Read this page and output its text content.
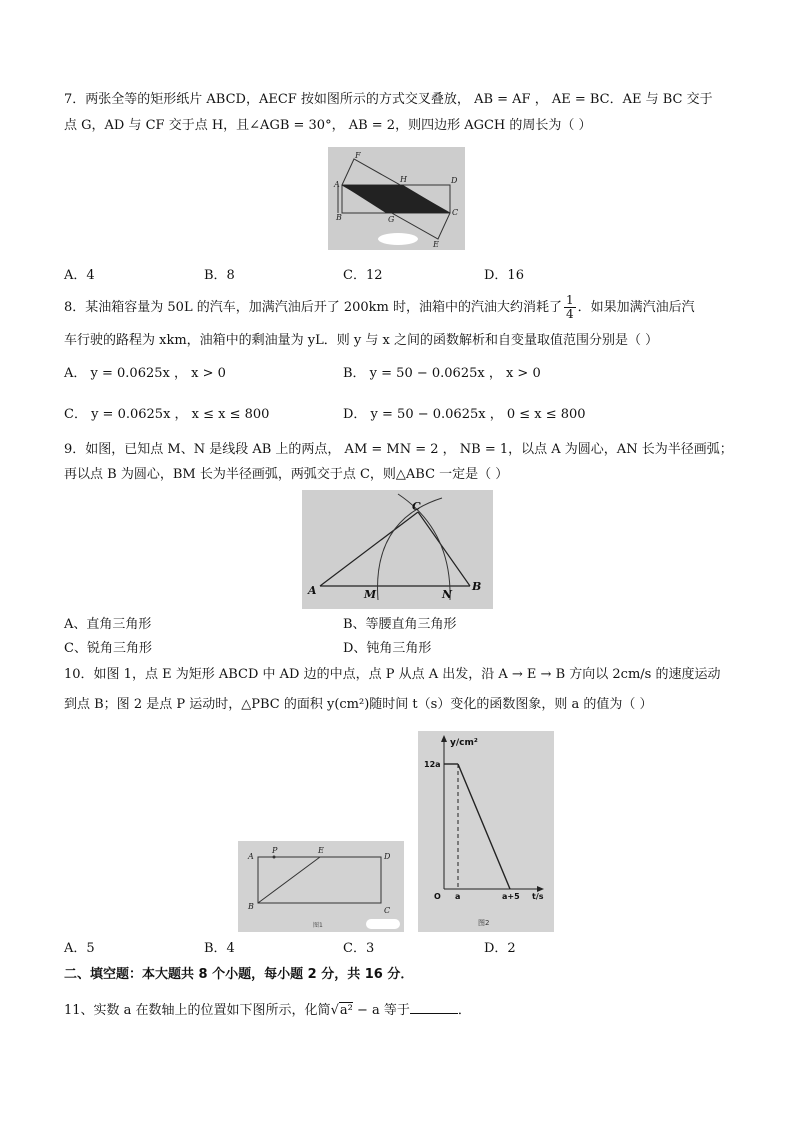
7．两张全等的矩形纸片 ABCD，AECF 按如图所示的方式交叉叠放， AB = AF ， AE = BC．AE 与 BC 交于
点 G，AD 与 CF 交于点 H，且∠AGB = 30°， AB = 2，则四边形 AGCH 的周长为（ ）
F
A
H	D
B	G
C
E
A．4	B．8	C．12	D．16
8．某油箱容量为 50L 的汽车，加满汽油后开了 200km 时，油箱中的汽油大约消耗了 $\frac{1}{4}$ ．如果加满汽油后汽
车行驶的路程为 xkm，油箱中的剩油量为 yL．则 y 与 x 之间的函数解析和自变量取值范围分别是（ ）
A． y = 0.0625x ， x > 0	B． y = 50 − 0.0625x ， x > 0
C． y = 0.0625x ， x ≤ x ≤ 800	D． y = 50 − 0.0625x ， 0 ≤ x ≤ 800
9．如图，已知点 M、N 是线段 AB 上的两点， AM = MN = 2 ， NB = 1，以点 A 为圆心，AN 长为半径画弧；
再以点 B 为圆心，BM 长为半径画弧，两弧交于点 C，则△ABC 一定是（ ）
C
A	M	N
B
A、直角三角形	B、等腰直角三角形
C、锐角三角形	D、钝角三角形
10．如图 1，点 E 为矩形 ABCD 中 AD 边的中点，点 P 从点 A 出发，沿 A → E → B 方向以 2cm/s 的速度运动
到点 B；图 2 是点 P 运动时，△PBC 的面积 y(cm²)随时间 t（s）变化的函数图象，则 a 的值为（ ）
A
P	E
D
B	C
图1
y/cm²
12a
O a	a+5 t/s
图2
A．5	B．4	C．3	D．2
二、填空题：本大题共 8 个小题，每小题 2 分，共 16 分．
11、实数 a 在数轴上的位置如下图所示，化简√a² − a 等于	．
